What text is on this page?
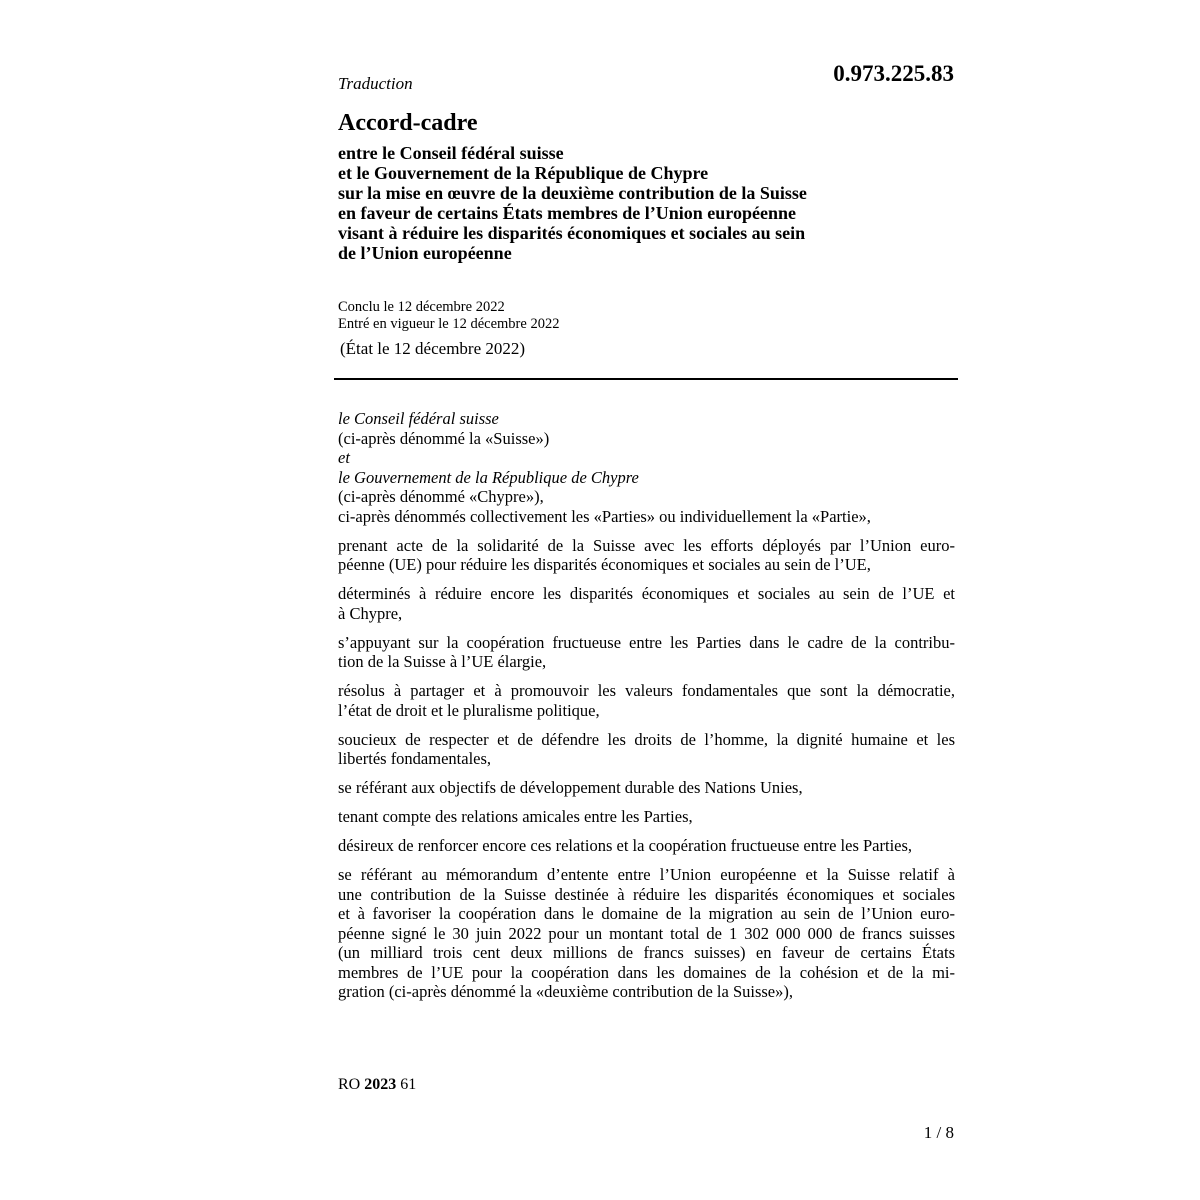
Traduction	0.973.225.83
Accord-cadre
entre le Conseil fédéral suisse
et le Gouvernement de la République de Chypre
sur la mise en œuvre de la deuxième contribution de la Suisse
en faveur de certains États membres de l’Union européenne
visant à réduire les disparités économiques et sociales au sein
de l’Union européenne
Conclu le 12 décembre 2022
Entré en vigueur le 12 décembre 2022
(État le 12 décembre 2022)
le Conseil fédéral suisse
(ci-après dénommé la «Suisse»)
et
le Gouvernement de la République de Chypre
(ci-après dénommé «Chypre»),
ci-après dénommés collectivement les «Parties» ou individuellement la «Partie»,
prenant acte de la solidarité de la Suisse avec les efforts déployés par l’Union euro-
péenne (UE) pour réduire les disparités économiques et sociales au sein de l’UE,
déterminés à réduire encore les disparités économiques et sociales au sein de l’UE et
à Chypre,
s’appuyant sur la coopération fructueuse entre les Parties dans le cadre de la contribu-
tion de la Suisse à l’UE élargie,
résolus à partager et à promouvoir les valeurs fondamentales que sont la démocratie,
l’état de droit et le pluralisme politique,
soucieux de respecter et de défendre les droits de l’homme, la dignité humaine et les
libertés fondamentales,
se référant aux objectifs de développement durable des Nations Unies,
tenant compte des relations amicales entre les Parties,
désireux de renforcer encore ces relations et la coopération fructueuse entre les Parties,
se référant au mémorandum d’entente entre l’Union européenne et la Suisse relatif à
une contribution de la Suisse destinée à réduire les disparités économiques et sociales
et à favoriser la coopération dans le domaine de la migration au sein de l’Union euro-
péenne signé le 30 juin 2022 pour un montant total de 1 302 000 000 de francs suisses
(un milliard trois cent deux millions de francs suisses) en faveur de certains États
membres de l’UE pour la coopération dans les domaines de la cohésion et de la mi-
gration (ci-après dénommé la «deuxième contribution de la Suisse»),
RO 2023 61
1 / 8
